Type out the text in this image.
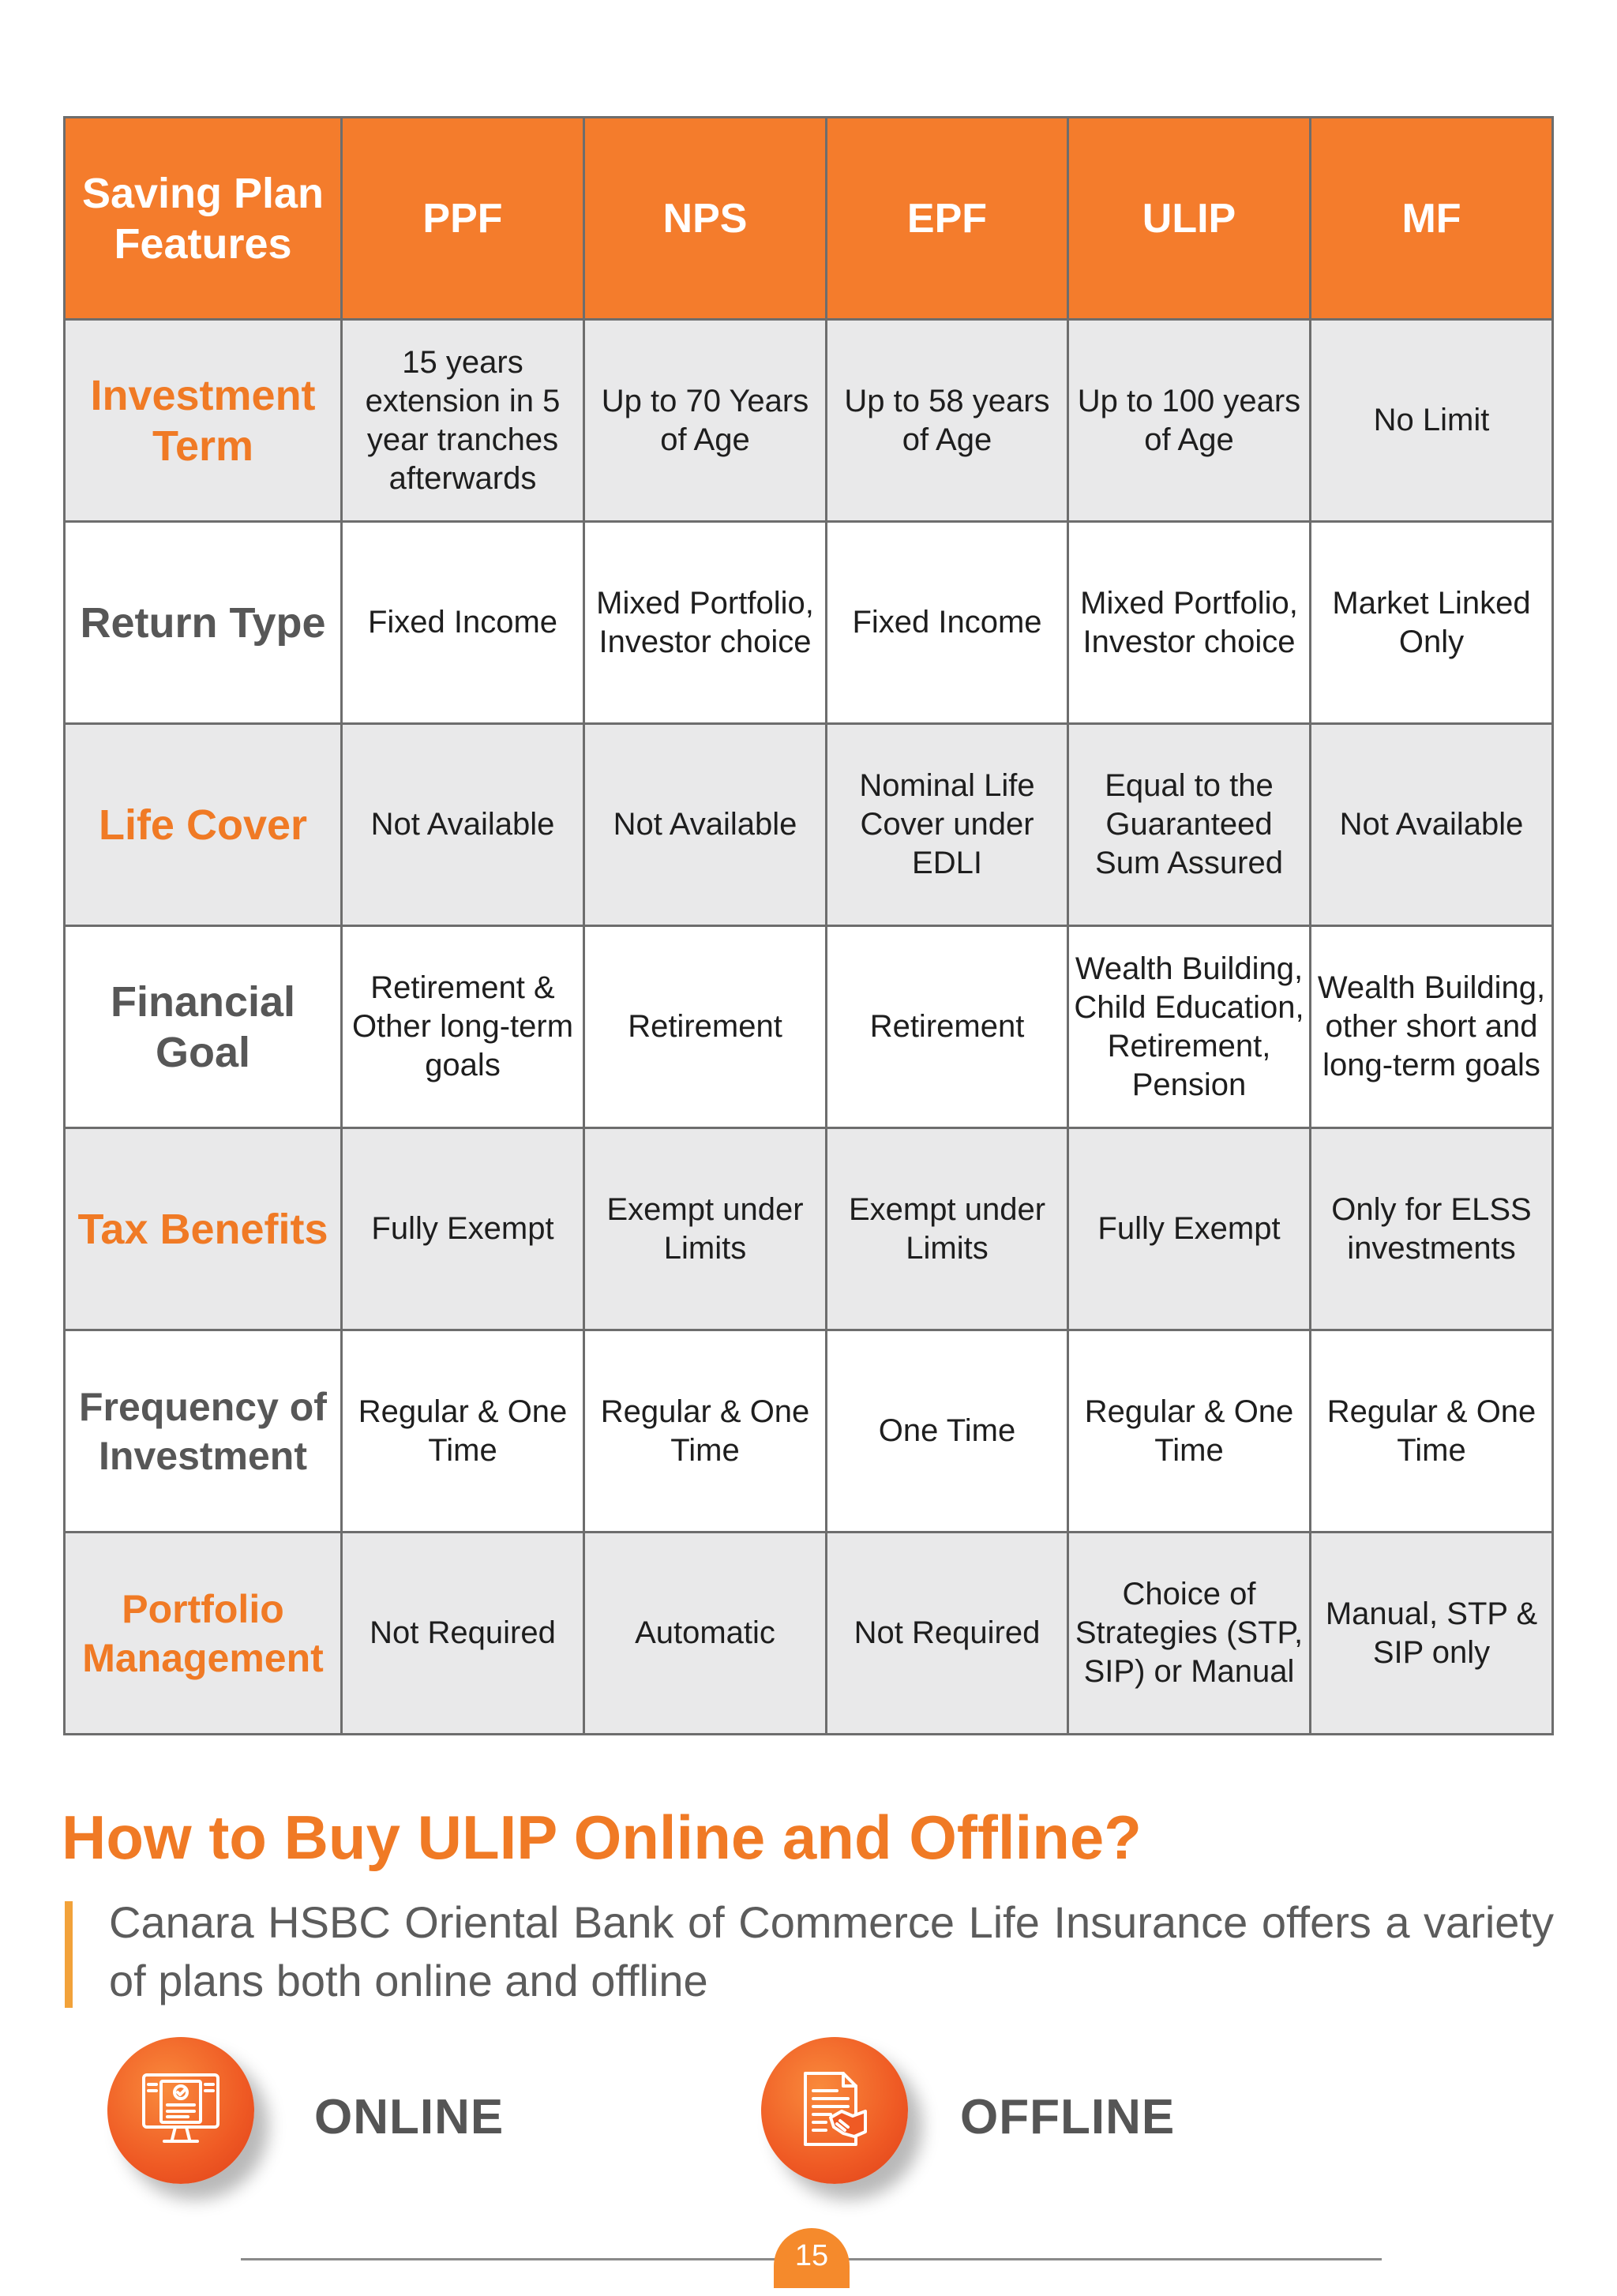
Saving Plan Features	PPF	NPS	EPF	ULIP	MF
Investment Term	15 years extension in 5 year tranches afterwards	Up to 70 Years of Age	Up to 58 years of Age	Up to 100 years of Age	No Limit
Return Type	Fixed Income	Mixed Portfolio, Investor choice	Fixed Income	Mixed Portfolio, Investor choice	Market Linked Only
Life Cover	Not Available	Not Available	Nominal Life Cover under EDLI	Equal to the Guaranteed Sum Assured	Not Available
Financial Goal	Retirement & Other long-term goals	Retirement	Retirement	Wealth Building, Child Education, Retirement, Pension	Wealth Building, other short and long-term goals
Tax Benefits	Fully Exempt	Exempt under Limits	Exempt under Limits	Fully Exempt	Only for ELSS investments
Frequency of Investment	Regular & One Time	Regular & One Time	One Time	Regular & One Time	Regular & One Time
Portfolio Management	Not Required	Automatic	Not Required	Choice of Strategies (STP, SIP) or Manual	Manual, STP & SIP only
How to Buy ULIP Online and Offline?

Canara HSBC Oriental Bank of Commerce Life Insurance offers a variety of plans both online and offline

ONLINE	OFFLINE
15
